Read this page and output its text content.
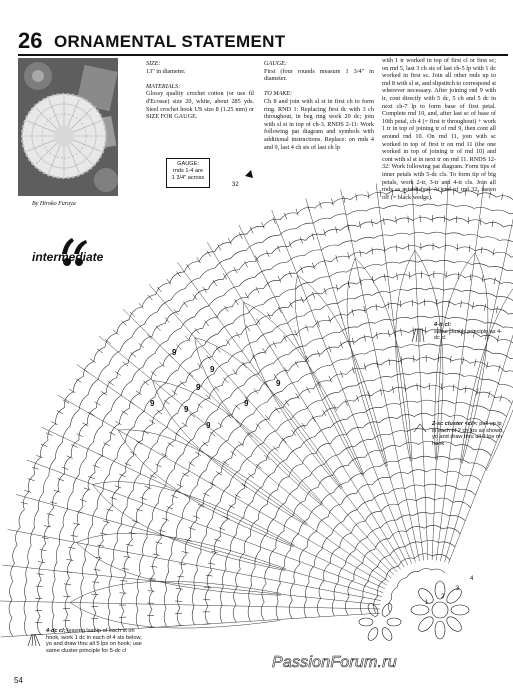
26 ORNAMENTAL STATEMENT
By Hiroko Furuya
intermediate
SIZE:
13" in diameter.

MATERIALS:
Glossy quality crochet cotton (or use fil d'Ecosse) size 20, white, about 285 yds. Steel crochet hook US size 8 (1.25 mm) or SIZE FOR GAUGE.
GAUGE:
rnds 1-4 are
1 3/4" across
GAUGE:
First (four rounds measure 1 3/4" in diameter.

TO MAKE:
Ch 8 and join with sl st in first ch to form ring. RND 1: Replacing first dc with 3 ch throughout, in beg ring work 20 dc; join with sl st in top of ch-3. RNDS 2-11: Work following pat diagram and symbols with additional instructions. Replace: on rnds 4 and 9, last 4 ch sts of last ch lp
with 1 tr worked in top of first cl or first sc; on rnd 5, last 3 ch sts of last ch-5 lp with 1 dc worked in first sc. Join all other rnds up to rnd 8 with sl st, and slipstitch to correspond st wherever necessary. After joining rnd 9 with tr, cont directly with 5 dc, 5 ch and 5 dc in next ch-7 lp to form base of first petal. Complete rnd 10, and, after last sc of base of 10th petal, ch 4 (= first tr throughout) + work 1 tr in top of joining tr of rnd 9, then cont all around rnd 10. On rnd 11, join with sc worked in top of first tr on rnd 11 (the one worked in top of joining tr of rnd 10) and cont with sl st in next tr on rnd 11. RNDS 12-32: Work following pat diagram. Form tips of inner petals with 5-dc cls. To form tip of big petals, work 2-tr, 3-tr and 4-tr cls. Join all rnds as established. At end of rnd 32, fasten off (= black wedge).
32
9
9
9	9
9
9
9
9
1
2
3
4
4-tr cl:
same cluster principle as 4-dc cl
2-sc cluster <cl>: pull up lp in each of 2 ch lps as shown, yo and draw thru all 3 lps on hook
4-dc cl: leaving last lp of each st on hook, work 1 dc in each of 4 sts below, yo and draw thru all 5 lps on hook; use same cluster principle for 5-dc cl
54
PassionForum.ru
